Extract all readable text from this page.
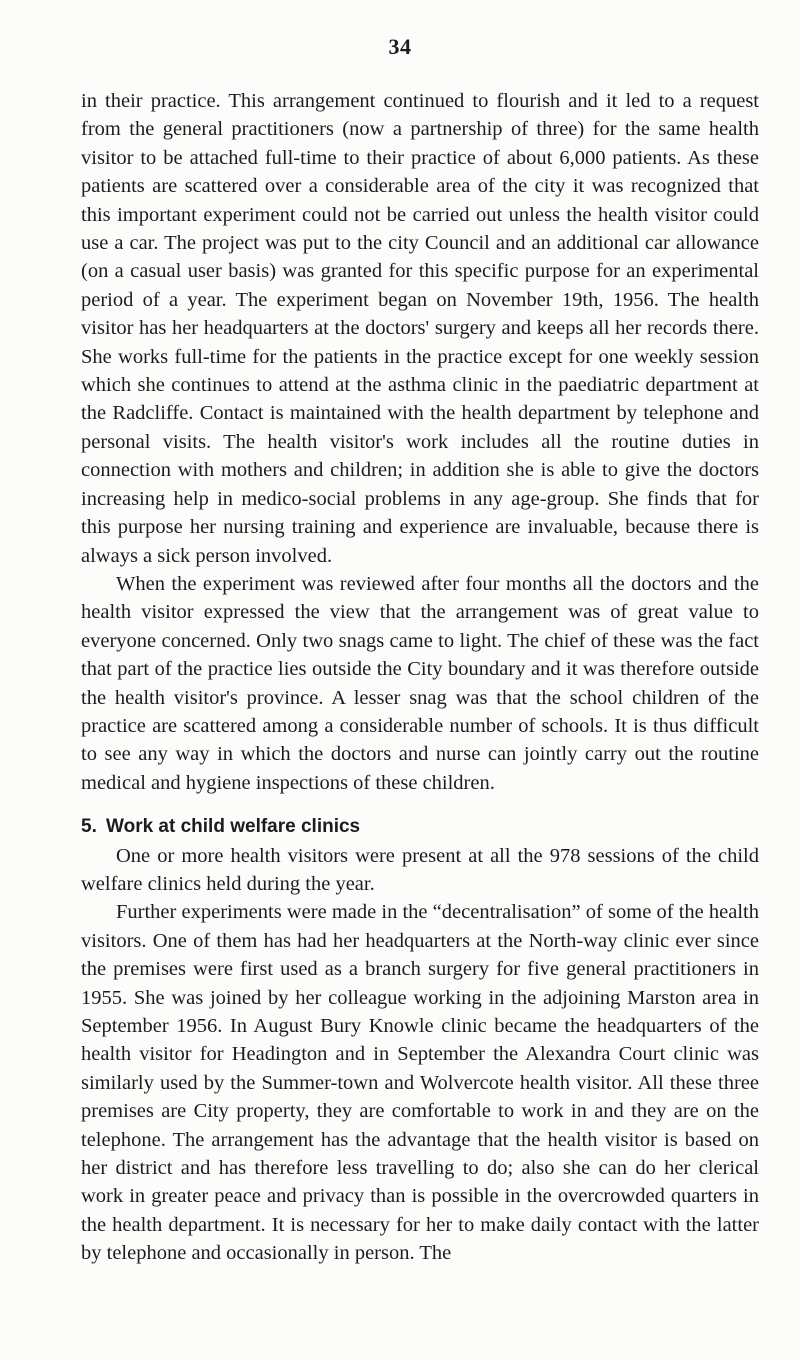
34

in their practice. This arrangement continued to flourish and it led to a request from the general practitioners (now a partnership of three) for the same health visitor to be attached full-time to their practice of about 6,000 patients. As these patients are scattered over a considerable area of the city it was recognized that this important experiment could not be carried out unless the health visitor could use a car. The project was put to the city Council and an additional car allowance (on a casual user basis) was granted for this specific purpose for an experimental period of a year. The experiment began on November 19th, 1956. The health visitor has her headquarters at the doctors' surgery and keeps all her records there. She works full-time for the patients in the practice except for one weekly session which she continues to attend at the asthma clinic in the paediatric department at the Radcliffe. Contact is maintained with the health department by telephone and personal visits. The health visitor's work includes all the routine duties in connection with mothers and children; in addition she is able to give the doctors increasing help in medico-social problems in any age-group. She finds that for this purpose her nursing training and experience are invaluable, because there is always a sick person involved.

When the experiment was reviewed after four months all the doctors and the health visitor expressed the view that the arrangement was of great value to everyone concerned. Only two snags came to light. The chief of these was the fact that part of the practice lies outside the City boundary and it was therefore outside the health visitor's province. A lesser snag was that the school children of the practice are scattered among a considerable number of schools. It is thus difficult to see any way in which the doctors and nurse can jointly carry out the routine medical and hygiene inspections of these children.

5. Work at child welfare clinics

One or more health visitors were present at all the 978 sessions of the child welfare clinics held during the year.

Further experiments were made in the “decentralisation” of some of the health visitors. One of them has had her headquarters at the North-way clinic ever since the premises were first used as a branch surgery for five general practitioners in 1955. She was joined by her colleague working in the adjoining Marston area in September 1956. In August Bury Knowle clinic became the headquarters of the health visitor for Headington and in September the Alexandra Court clinic was similarly used by the Summer-town and Wolvercote health visitor. All these three premises are City property, they are comfortable to work in and they are on the telephone. The arrangement has the advantage that the health visitor is based on her district and has therefore less travelling to do; also she can do her clerical work in greater peace and privacy than is possible in the overcrowded quarters in the health department. It is necessary for her to make daily contact with the latter by telephone and occasionally in person. The
